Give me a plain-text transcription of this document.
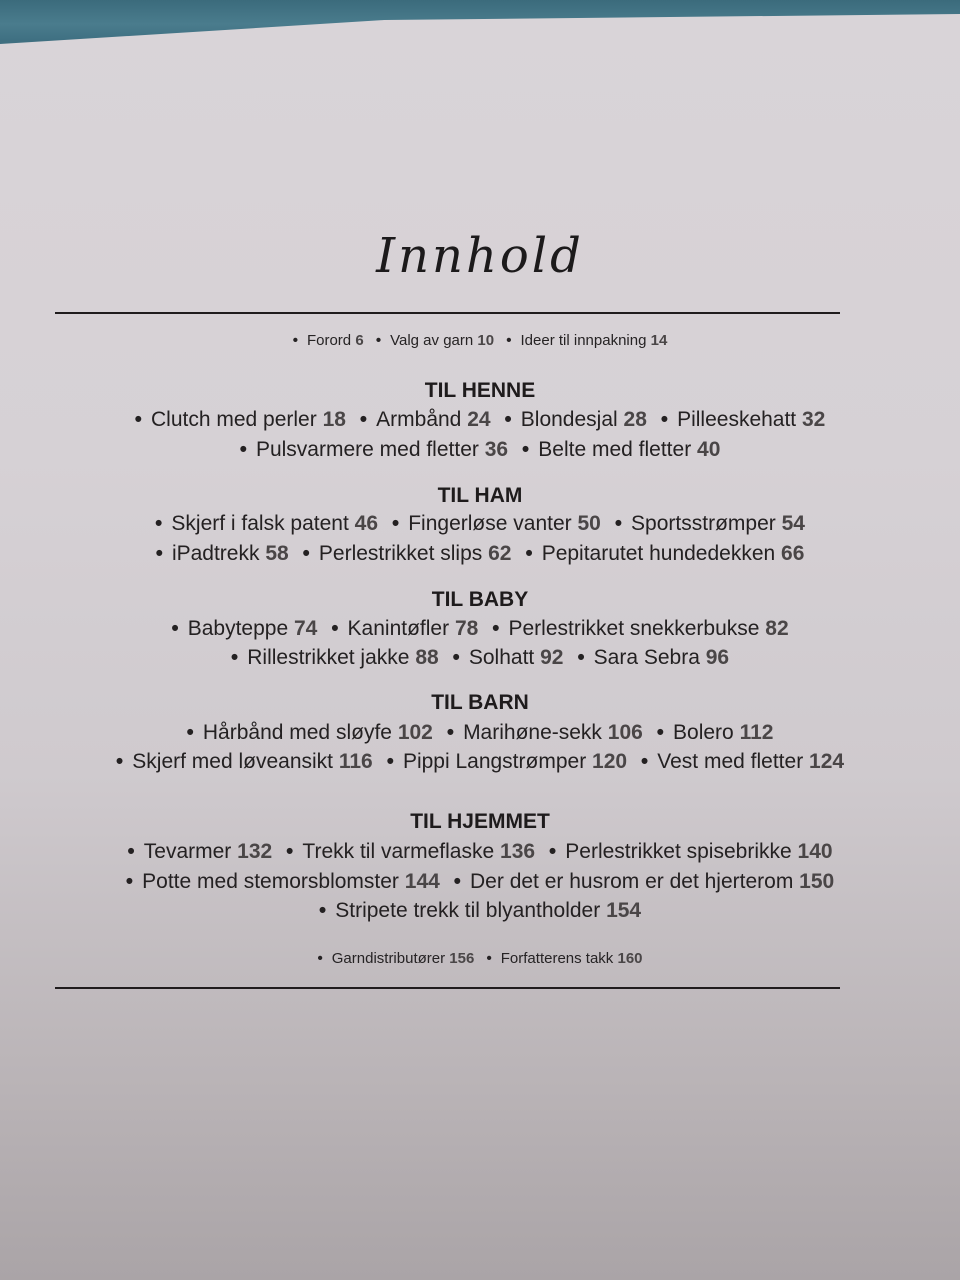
Innhold
• Forord 6 • Valg av garn 10 • Ideer til innpakning 14
TIL HENNE
• Clutch med perler 18 • Armbånd 24 • Blondesjal 28 • Pilleeskehatt 32
• Pulsvarmere med fletter 36 • Belte med fletter 40
TIL HAM
• Skjerf i falsk patent 46 • Fingerløse vanter 50 • Sportsstrømper 54
• iPadtrekk 58 • Perlestrikket slips 62 • Pepitarutet hundedekken 66
TIL BABY
• Babyteppe 74 • Kanintøfler 78 • Perlestrikket snekkerbukse 82
• Rillestrikket jakke 88 • Solhatt 92 • Sara Sebra 96
TIL BARN
• Hårbånd med sløyfe 102 • Marihøne-sekk 106 • Bolero 112
• Skjerf med løveansikt 116 • Pippi Langstrømper 120 • Vest med fletter 124
TIL HJEMMET
• Tevarmer 132 • Trekk til varmeflaske 136 • Perlestrikket spisebrikke 140
• Potte med stemorsblomster 144 • Der det er husrom er det hjerterom 150
• Stripete trekk til blyantholder 154
• Garndistributører 156 • Forfatterens takk 160
